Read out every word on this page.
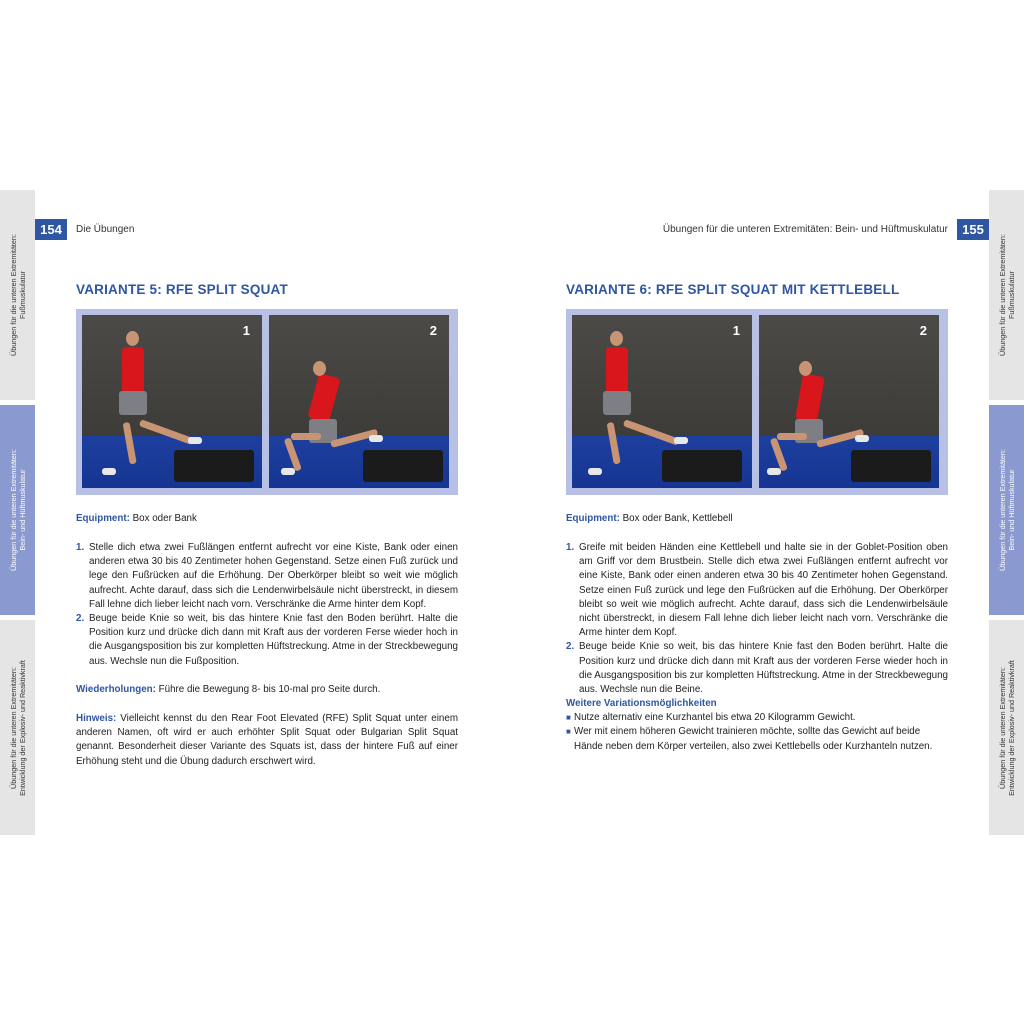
Übungen für die unteren Extremitäten:
Fußmuskulatur
Übungen für die unteren Extremitäten:
Bein- und Hüftmuskulatur
Übungen für die unteren Extremitäten:
Entwicklung der Explosiv- und Reaktivkraft
Übungen für die unteren Extremitäten:
Fußmuskulatur
Übungen für die unteren Extremitäten:
Bein- und Hüftmuskulatur
Übungen für die unteren Extremitäten:
Entwicklung der Explosiv- und Reaktivkraft
154	Die Übungen	Übungen für die unteren Extremitäten: Bein- und Hüftmuskulatur	155
VARIANTE 5: RFE SPLIT SQUAT
1	2
Equipment: Box oder Bank
1. Stelle dich etwa zwei Fußlängen entfernt aufrecht vor eine Kiste, Bank oder einen anderen etwa 30 bis 40 Zentimeter hohen Gegenstand. Setze einen Fuß zurück und lege den Fußrücken auf die Erhöhung. Der Oberkörper bleibt so weit wie möglich aufrecht. Achte darauf, dass sich die Lendenwirbelsäule nicht überstreckt, in diesem Fall lehne dich lieber leicht nach vorn. Verschränke die Arme hinter dem Kopf.
2. Beuge beide Knie so weit, bis das hintere Knie fast den Boden berührt. Halte die Position kurz und drücke dich dann mit Kraft aus der vorderen Ferse wieder hoch in die Ausgangsposition bis zur kompletten Hüftstreckung. Atme in der Streckbewegung aus. Wechsle nun die Fußposition.
Wiederholungen: Führe die Bewegung 8- bis 10-mal pro Seite durch.
Hinweis: Vielleicht kennst du den Rear Foot Elevated (RFE) Split Squat unter einem anderen Namen, oft wird er auch erhöhter Split Squat oder Bulgarian Split Squat genannt. Besonderheit dieser Variante des Squats ist, dass der hintere Fuß auf einer Erhöhung steht und die Übung dadurch erschwert wird.
VARIANTE 6: RFE SPLIT SQUAT MIT KETTLEBELL
1	2
Equipment: Box oder Bank, Kettlebell
1. Greife mit beiden Händen eine Kettlebell und halte sie in der Goblet-Position oben am Griff vor dem Brustbein. Stelle dich etwa zwei Fußlängen entfernt aufrecht vor eine Kiste, Bank oder einen anderen etwa 30 bis 40 Zentimeter hohen Gegenstand. Setze einen Fuß zurück und lege den Fußrücken auf die Erhöhung. Der Oberkörper bleibt so weit wie möglich aufrecht. Achte darauf, dass sich die Lendenwirbelsäule nicht überstreckt, in diesem Fall lehne dich lieber leicht nach vorn. Verschränke die Arme hinter dem Kopf.
2. Beuge beide Knie so weit, bis das hintere Knie fast den Boden berührt. Halte die Position kurz und drücke dich dann mit Kraft aus der vorderen Ferse wieder hoch in die Ausgangsposition bis zur kompletten Hüftstreckung. Atme in der Streckbewegung aus. Wechsle nun die Beine.
Weitere Variationsmöglichkeiten
■ Nutze alternativ eine Kurzhantel bis etwa 20 Kilogramm Gewicht.
■ Wer mit einem höheren Gewicht trainieren möchte, sollte das Gewicht auf beide Hände neben dem Körper verteilen, also zwei Kettlebells oder Kurzhanteln nutzen.
